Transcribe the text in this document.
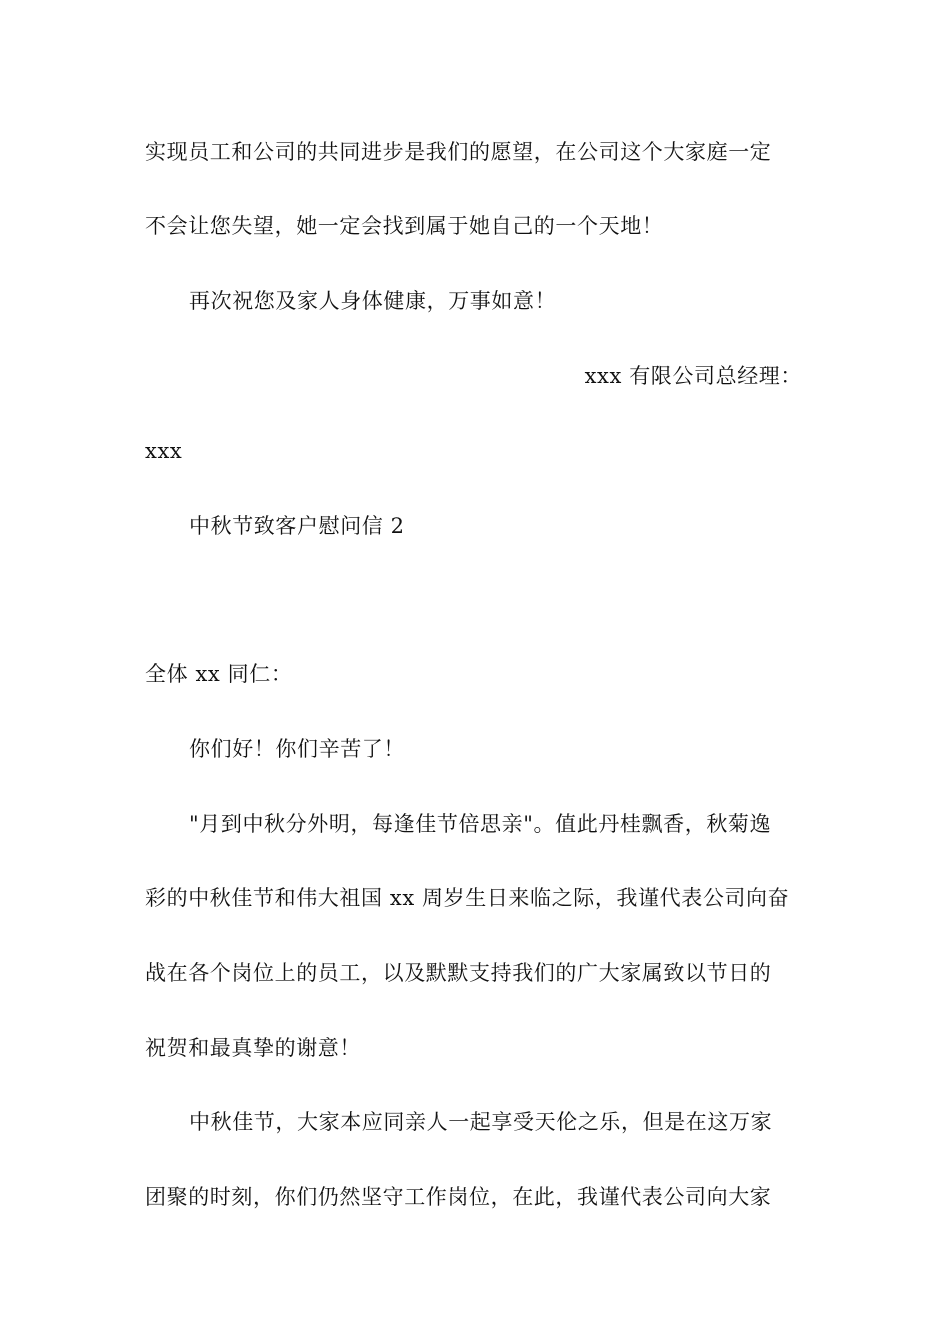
实现员工和公司的共同进步是我们的愿望，在公司这个大家庭一定
不会让您失望，她一定会找到属于她自己的一个天地！
再次祝您及家人身体健康，万事如意！
xxx 有限公司总经理：
xxx
中秋节致客户慰问信 2
全体 xx 同仁：
你们好！你们辛苦了！
"月到中秋分外明，每逢佳节倍思亲"。值此丹桂飘香，秋菊逸
彩的中秋佳节和伟大祖国 xx 周岁生日来临之际，我谨代表公司向奋
战在各个岗位上的员工，以及默默支持我们的广大家属致以节日的
祝贺和最真挚的谢意！
中秋佳节，大家本应同亲人一起享受天伦之乐，但是在这万家
团聚的时刻，你们仍然坚守工作岗位，在此，我谨代表公司向大家
